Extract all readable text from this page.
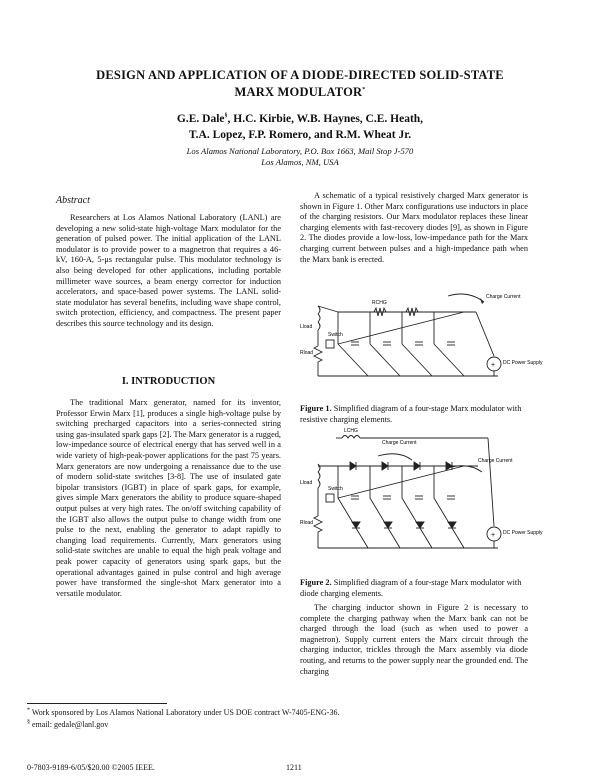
DESIGN AND APPLICATION OF A DIODE-DIRECTED SOLID-STATE
MARX MODULATOR*
G.E. Dale§, H.C. Kirbie, W.B. Haynes, C.E. Heath,
T.A. Lopez, F.P. Romero, and R.M. Wheat Jr.
Los Alamos National Laboratory, P.O. Box 1663, Mail Stop J-570
Los Alamos, NM, USA
Abstract

Researchers at Los Alamos National Laboratory (LANL) are developing a new solid-state high-voltage Marx modulator for the generation of pulsed power. The initial application of the LANL modulator is to provide power to a magnetron that requires a 46-kV, 160-A, 5-μs rectangular pulse. This modulator technology is also being developed for other applications, including portable millimeter wave sources, a beam energy corrector for induction accelerators, and space-based power systems. The LANL solid-state modulator has several benefits, including wave shape control, switch protection, efficiency, and compactness. The present paper describes this source technology and its design.

I. INTRODUCTION

The traditional Marx generator, named for its inventor, Professor Erwin Marx [1], produces a single high-voltage pulse by switching precharged capacitors into a series-connected string using gas-insulated spark gaps [2]. The Marx generator is a rugged, low-impedance source of electrical energy that has served well in a wide variety of high-peak-power applications for the past 75 years. Marx generators are now undergoing a renaissance due to the use of modern solid-state switches [3-8]. The use of insulated gate bipolar transistors (IGBT) in place of spark gaps, for example, gives simple Marx generators the ability to produce square-shaped output pulses at very high rates. The on/off switching capability of the IGBT also allows the output pulse to change width from one pulse to the next, enabling the generator to adapt rapidly to changing load requirements. Currently, Marx generators using solid-state switches are unable to equal the high peak voltage and peak power capacity of generators using spark gaps, but the operational advantages gained in pulse control and high average power have transformed the single-shot Marx generator into a versatile modulator.

A schematic of a typical resistively charged Marx generator is shown in Figure 1. Other Marx configurations use inductors in place of the charging resistors. Our Marx modulator replaces these linear charging elements with fast-recovery diodes [9], as shown in Figure 2. The diodes provide a low-loss, low-impedance path for the Marx charging current between pulses and a high-impedance path when the Marx bank is erected.

RCHG
Charge Current
Lload
Rload
Switch
DC Power Supply
+
Figure 1. Simplified diagram of a four-stage Marx modulator with resistive charging elements.
LCHG
Charge Current
Charge Current
Lload
Rload
Switch
DC Power Supply
+
Figure 2. Simplified diagram of a four-stage Marx modulator with diode charging elements.

The charging inductor shown in Figure 2 is necessary to complete the charging pathway when the Marx bank can not be charged through the load (such as when used to power a magnetron). Supply current enters the Marx circuit through the charging inductor, trickles through the Marx assembly via diode routing, and returns to the power supply near the grounded end. The charging

* Work sponsored by Los Alamos National Laboratory under US DOE contract W-7405-ENG-36.
§ email: gedale@lanl.gov
0-7803-9189-6/05/$20.00 ©2005 IEEE.	1211
